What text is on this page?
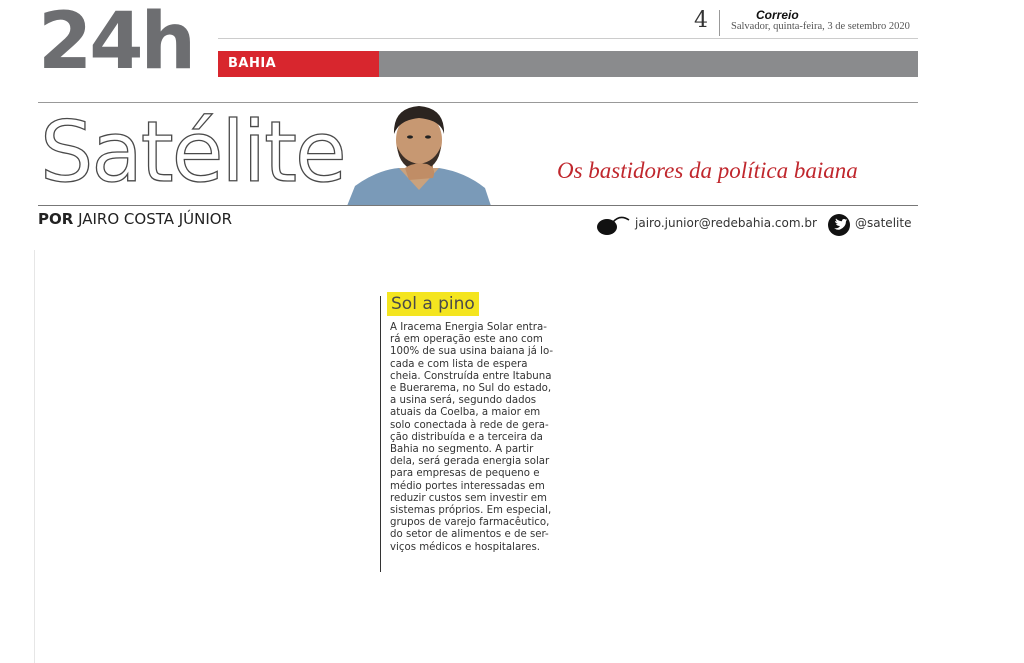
24h	4	Correio
Salvador, quinta-feira, 3 de setembro 2020
BAHIA
Satélite	Os bastidores da política baiana
POR JAIRO COSTA JÚNIOR	jairo.junior@redebahia.com.br	@satelite
Sol a pino
A Iracema Energia Solar entra-
rá em operação este ano com
100% de sua usina baiana já lo-
cada e com lista de espera
cheia. Construída entre Itabuna
e Buerarema, no Sul do estado,
a usina será, segundo dados
atuais da Coelba, a maior em
solo conectada à rede de gera-
ção distribuída e a terceira da
Bahia no segmento. A partir
dela, será gerada energia solar
para empresas de pequeno e
médio portes interessadas em
reduzir custos sem investir em
sistemas próprios. Em especial,
grupos de varejo farmacêutico,
do setor de alimentos e de ser-
viços médicos e hospitalares.
